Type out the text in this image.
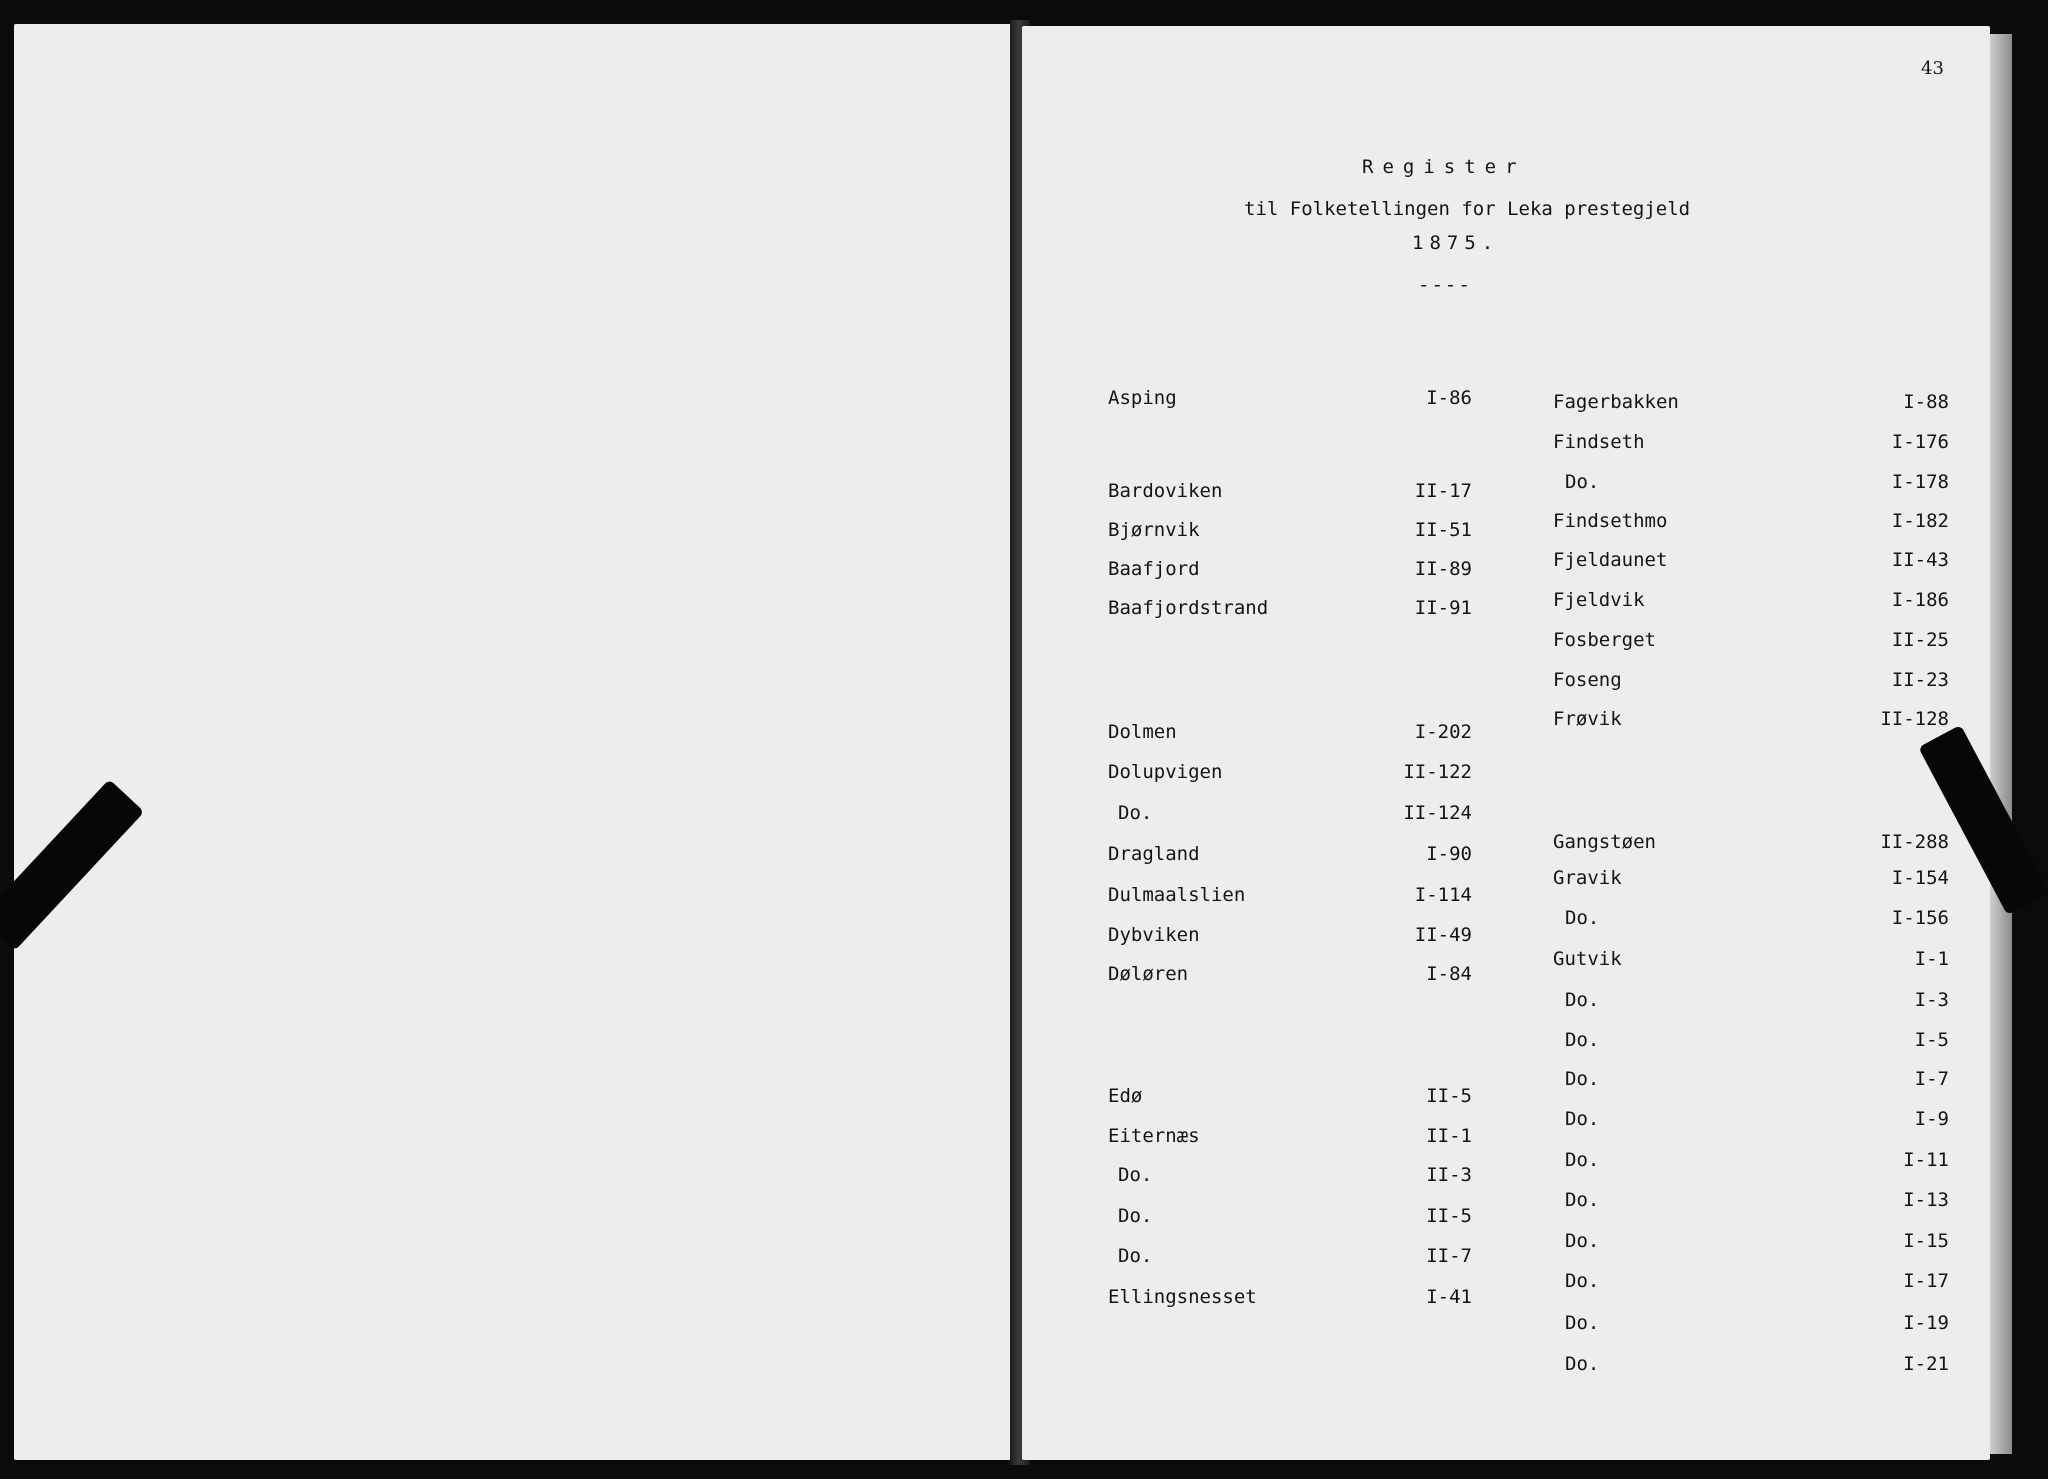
43
Register
til Folketellingen for Leka prestegjeld
1875.
----
Asping	I-86
Bardoviken	II-17
Bjørnvik	II-51
Baafjord	II-89
Baafjordstrand	II-91
Dolmen	I-202
Dolupvigen	II-122
Do.	II-124
Dragland	I-90
Dulmaalslien	I-114
Dybviken	II-49
Døløren	I-84
Edø	II-5
Eiternæs	II-1
Do.	II-3
Do.	II-5
Do.	II-7
Ellingsnesset	I-41
Fagerbakken	I-88
Findseth	I-176
Do.	I-178
Findsethmo	I-182
Fjeldaunet	II-43
Fjeldvik	I-186
Fosberget	II-25
Foseng	II-23
Frøvik	II-128
Gangstøen	II-288
Gravik	I-154
Do.	I-156
Gutvik	I-1
Do.	I-3
Do.	I-5
Do.	I-7
Do.	I-9
Do.	I-11
Do.	I-13
Do.	I-15
Do.	I-17
Do.	I-19
Do.	I-21
